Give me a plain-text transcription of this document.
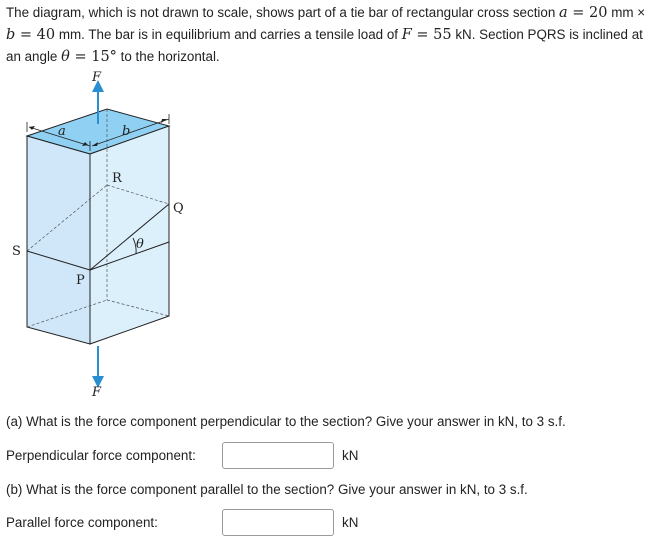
The diagram, which is not drawn to scale, shows part of a tie bar of rectangular cross section a = 20 mm × b = 40 mm. The bar is in equilibrium and carries a tensile load of F = 55 kN. Section PQRS is inclined at an angle θ = 15° to the horizontal.
F
F
a	b
R
Q
S
P
θ
(a) What is the force component perpendicular to the section? Give your answer in kN, to 3 s.f.
Perpendicular force component:	kN
(b) What is the force component parallel to the section? Give your answer in kN, to 3 s.f.
Parallel force component:	kN
